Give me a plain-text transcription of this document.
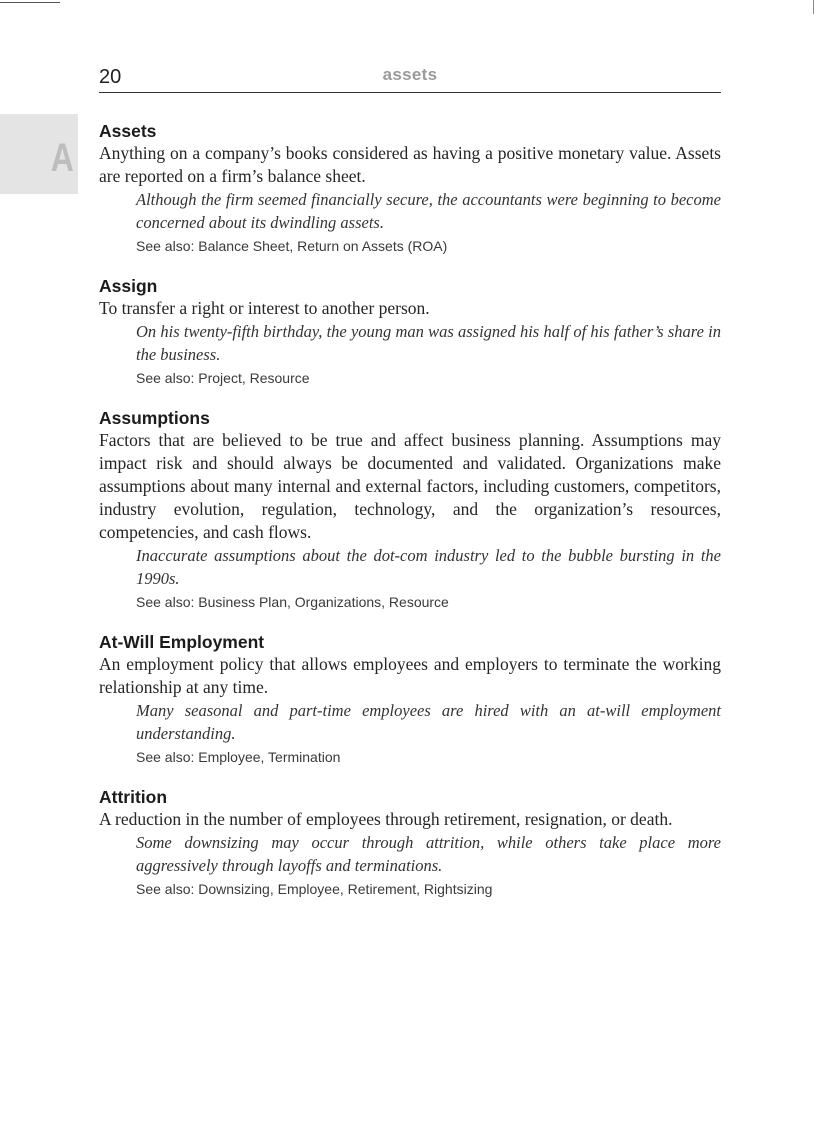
20	assets
A
Assets

Anything on a company’s books considered as having a positive monetary value. Assets are reported on a firm’s balance sheet.

Although the firm seemed financially secure, the accountants were beginning to become concerned about its dwindling assets.

See also: Balance Sheet, Return on Assets (ROA)

Assign

To transfer a right or interest to another person.

On his twenty-fifth birthday, the young man was assigned his half of his father’s share in the business.

See also: Project, Resource

Assumptions

Factors that are believed to be true and affect business planning. Assumptions may impact risk and should always be documented and validated. Organizations make assumptions about many internal and external factors, including customers, competitors, industry evolution, regulation, technology, and the organization’s resources, competencies, and cash flows.

Inaccurate assumptions about the dot-com industry led to the bubble bursting in the 1990s.

See also: Business Plan, Organizations, Resource

At-Will Employment

An employment policy that allows employees and employers to terminate the working relationship at any time.

Many seasonal and part-time employees are hired with an at-will employment understanding.

See also: Employee, Termination

Attrition

A reduction in the number of employees through retirement, resignation, or death.

Some downsizing may occur through attrition, while others take place more aggressively through layoffs and terminations.

See also: Downsizing, Employee, Retirement, Rightsizing
